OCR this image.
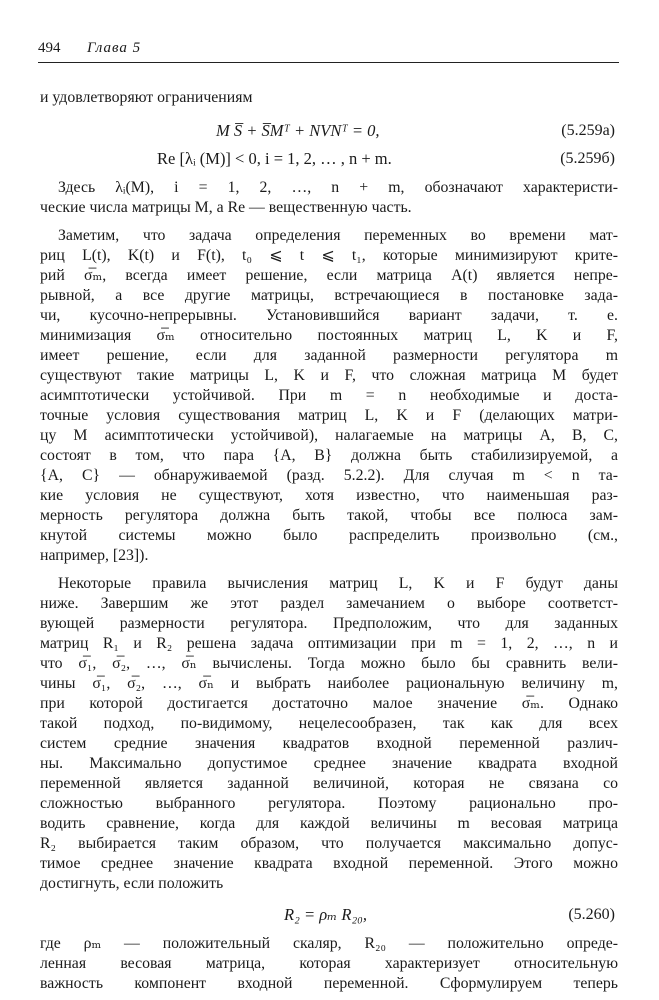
494 Глава 5
и удовлетворяют ограничениям
M S̅ + S̅Mᵀ + NVNᵀ = 0,	(5.259а)
Re [λᵢ (M)] < 0, i = 1, 2, … , n + m.	(5.259б)
Здесь λᵢ(M), i = 1, 2, …, n + m, обозначают характеристи-
ческие числа матрицы M, а Re — вещественную часть.
Заметим, что задача определения переменных во времени мат-
риц L(t), K(t) и F(t), t₀ ⩽ t ⩽ t₁, которые минимизируют крите-
рий σ̅ₘ, всегда имеет решение, если матрица A(t) является непре-
рывной, а все другие матрицы, встречающиеся в постановке зада-
чи, кусочно-непрерывны. Установившийся вариант задачи, т. е.
минимизация σ̅ₘ относительно постоянных матриц L, K и F,
имеет решение, если для заданной размерности регулятора m
существуют такие матрицы L, K и F, что сложная матрица M будет
асимптотически устойчивой. При m = n необходимые и доста-
точные условия существования матриц L, K и F (делающих матри-
цу M асимптотически устойчивой), налагаемые на матрицы A, B, C,
состоят в том, что пара {A, B} должна быть стабилизируемой, а
{A, C} — обнаруживаемой (разд. 5.2.2). Для случая m < n та-
кие условия не существуют, хотя известно, что наименьшая раз-
мерность регулятора должна быть такой, чтобы все полюса зам-
кнутой системы можно было распределить произвольно (см.,
например, [23]).
Некоторые правила вычисления матриц L, K и F будут даны
ниже. Завершим же этот раздел замечанием о выборе соответст-
вующей размерности регулятора. Предположим, что для заданных
матриц R₁ и R₂ решена задача оптимизации при m = 1, 2, …, n и
что σ̅₁, σ̅₂, …, σ̅ₙ вычислены. Тогда можно было бы сравнить вели-
чины σ̅₁, σ̅₂, …, σ̅ₙ и выбрать наиболее рациональную величину m,
при которой достигается достаточно малое значение σ̅ₘ. Однако
такой подход, по-видимому, нецелесообразен, так как для всех
систем средние значения квадратов входной переменной различ-
ны. Максимально допустимое среднее значение квадрата входной
переменной является заданной величиной, которая не связана со
сложностью выбранного регулятора. Поэтому рационально про-
водить сравнение, когда для каждой величины m весовая матрица
R₂ выбирается таким образом, что получается максимально допус-
тимое среднее значение квадрата входной переменной. Этого можно
достигнуть, если положить
R₂ = ρₘ R₂₀,	(5.260)
где ρₘ — положительный скаляр, R₂₀ — положительно опреде-
ленная весовая матрица, которая характеризует относительную
важность компонент входной переменной. Сформулируем теперь
